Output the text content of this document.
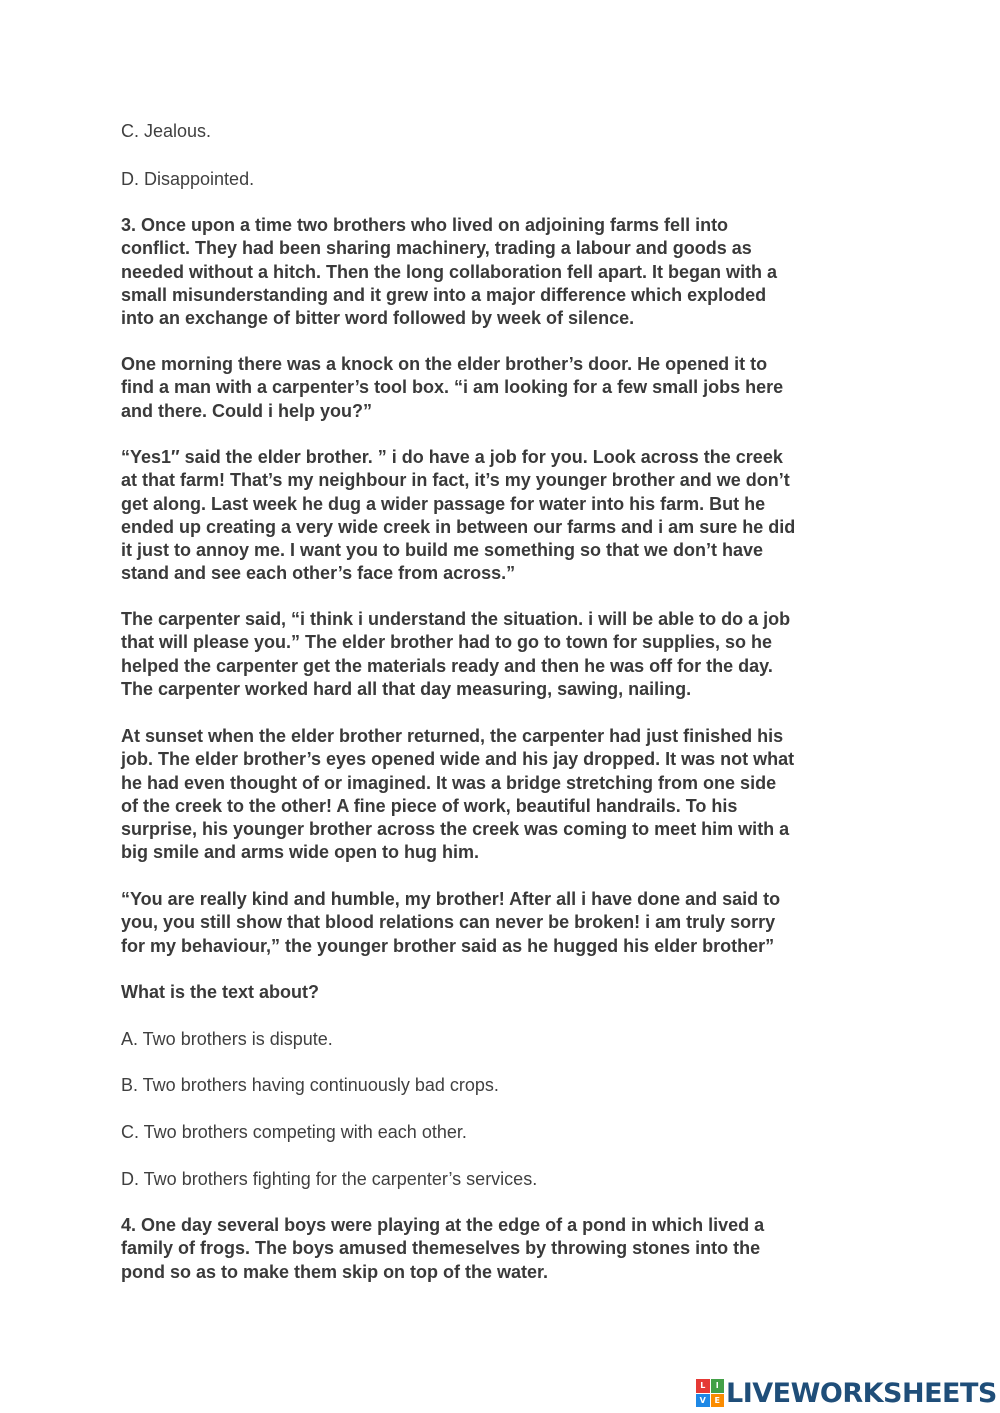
C. Jealous.

D. Disappointed.

3. Once upon a time two brothers who lived on adjoining farms fell into
conflict. They had been sharing machinery, trading a labour and goods as
needed without a hitch. Then the long collaboration fell apart. It began with a
small misunderstanding and it grew into a major difference which exploded
into an exchange of bitter word followed by week of silence.
One morning there was a knock on the elder brother’s door. He opened it to
find a man with a carpenter’s tool box. “i am looking for a few small jobs here
and there. Could i help you?”
“Yes1″ said the elder brother. ” i do have a job for you. Look across the creek
at that farm! That’s my neighbour in fact, it’s my younger brother and we don’t
get along. Last week he dug a wider passage for water into his farm. But he
ended up creating a very wide creek in between our farms and i am sure he did
it just to annoy me. I want you to build me something so that we don’t have
stand and see each other’s face from across.”
The carpenter said, “i think i understand the situation. i will be able to do a job
that will please you.” The elder brother had to go to town for supplies, so he
helped the carpenter get the materials ready and then he was off for the day.
The carpenter worked hard all that day measuring, sawing, nailing.
At sunset when the elder brother returned, the carpenter had just finished his
job. The elder brother’s eyes opened wide and his jay dropped. It was not what
he had even thought of or imagined. It was a bridge stretching from one side
of the creek to the other! A fine piece of work, beautiful handrails. To his
surprise, his younger brother across the creek was coming to meet him with a
big smile and arms wide open to hug him.
“You are really kind and humble, my brother! After all i have done and said to
you, you still show that blood relations can never be broken! i am truly sorry
for my behaviour,” the younger brother said as he hugged his elder brother”
What is the text about?

A. Two brothers is dispute.

B. Two brothers having continuously bad crops.

C. Two brothers competing with each other.

D. Two brothers fighting for the carpenter’s services.

4. One day several boys were playing at the edge of a pond in which lived a
family of frogs. The boys amused themeselves by throwing stones into the
pond so as to make them skip on top of the water.
L	I
V	E LIVEWORKSHEETS
